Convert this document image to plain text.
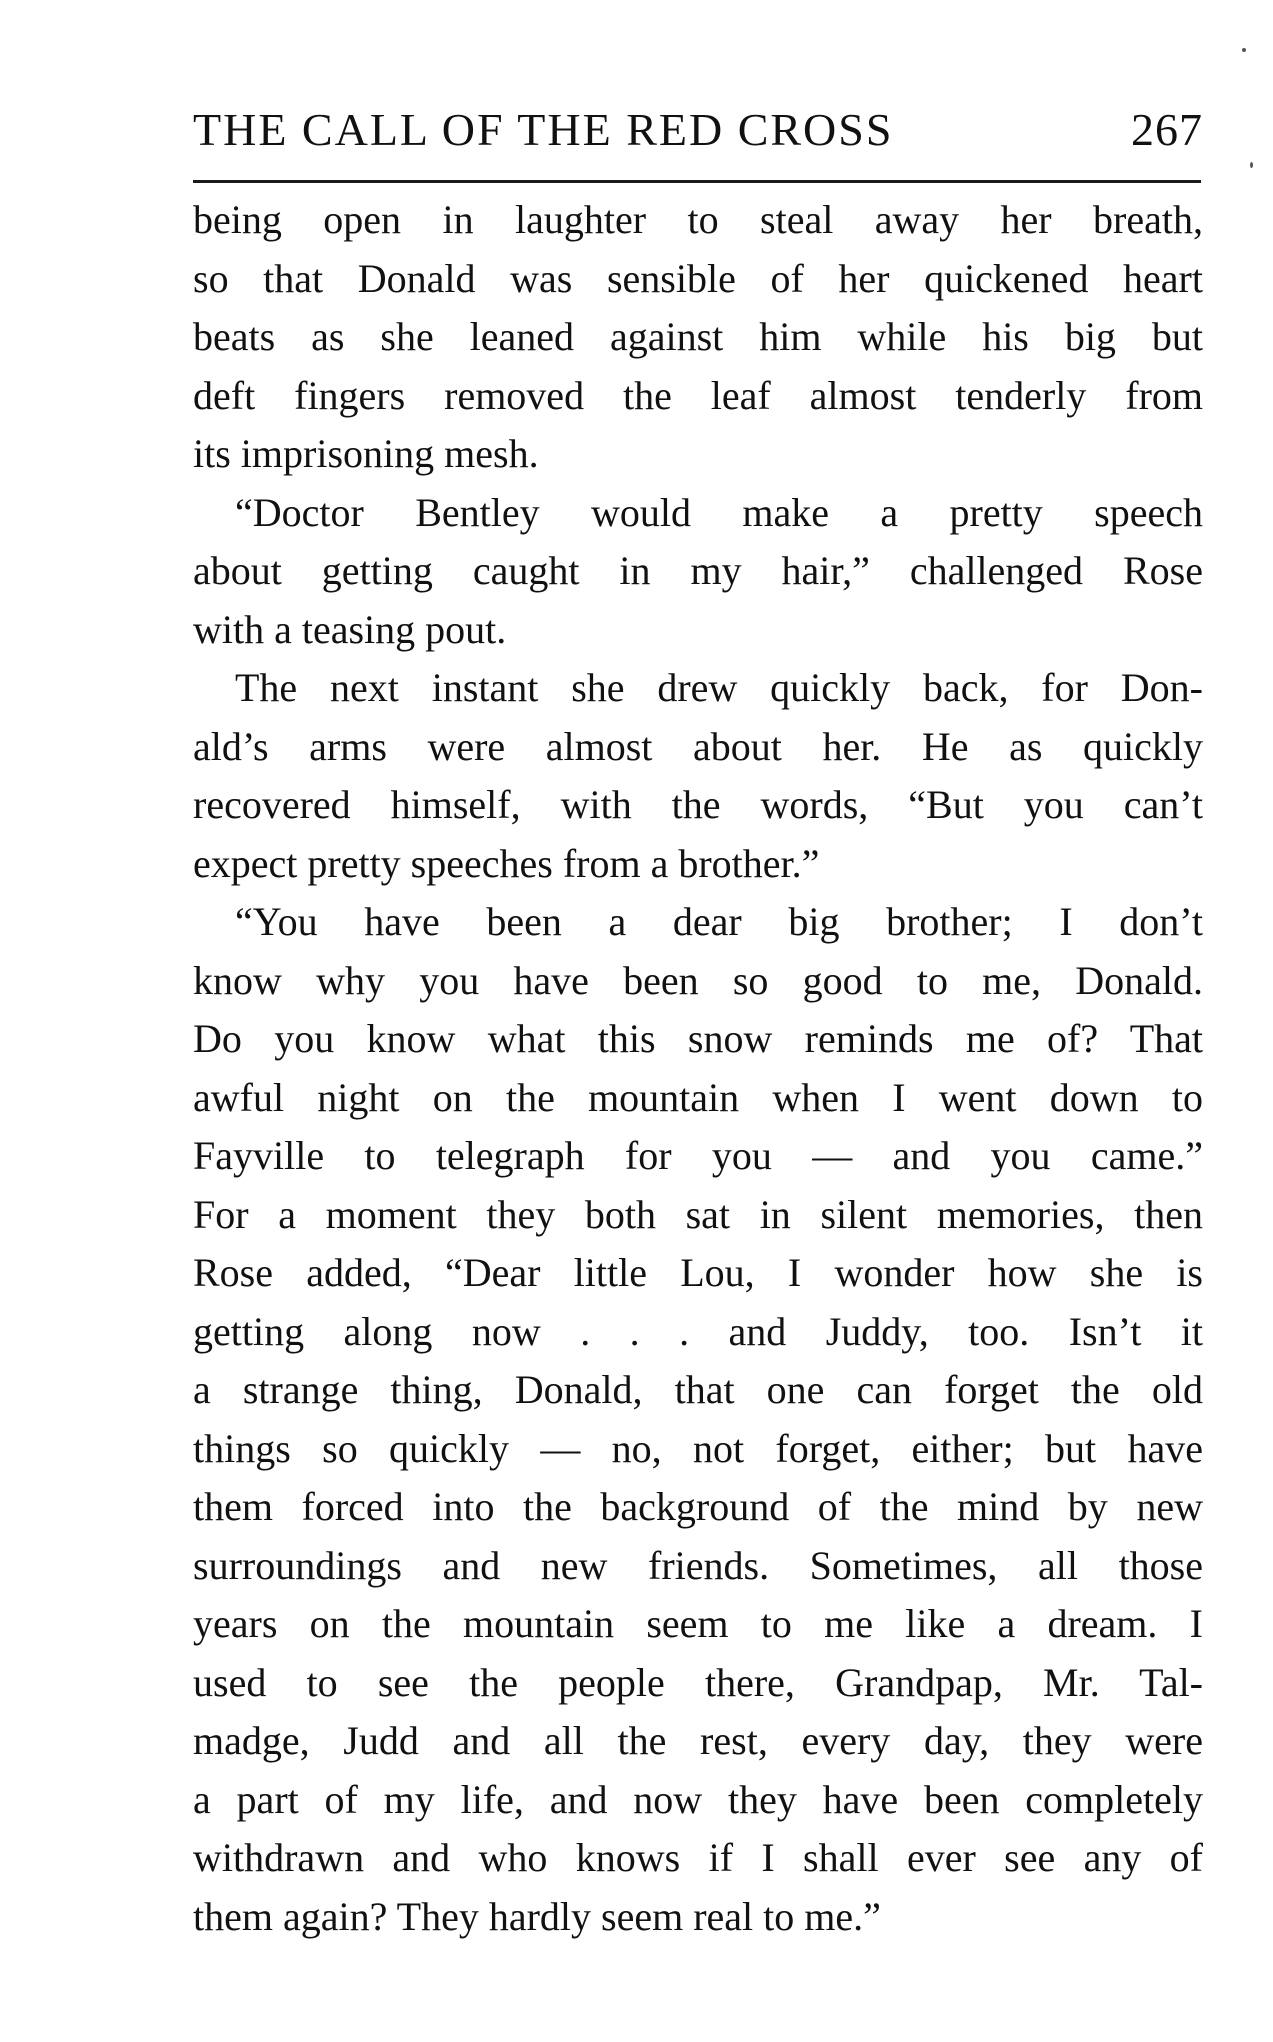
THE CALL OF THE RED CROSS	267
being open in laughter to steal away her breath,
so that Donald was sensible of her quickened heart
beats as she leaned against him while his big but
deft fingers removed the leaf almost tenderly from
its imprisoning mesh.
“Doctor Bentley would make a pretty speech
about getting caught in my hair,” challenged Rose
with a teasing pout.
The next instant she drew quickly back, for Don-
ald’s arms were almost about her. He as quickly
recovered himself, with the words, “But you can’t
expect pretty speeches from a brother.”
“You have been a dear big brother; I don’t
know why you have been so good to me, Donald.
Do you know what this snow reminds me of? That
awful night on the mountain when I went down to
Fayville to telegraph for you — and you came.”
For a moment they both sat in silent memories, then
Rose added, “Dear little Lou, I wonder how she is
getting along now . . . and Juddy, too. Isn’t it
a strange thing, Donald, that one can forget the old
things so quickly — no, not forget, either; but have
them forced into the background of the mind by new
surroundings and new friends. Sometimes, all those
years on the mountain seem to me like a dream. I
used to see the people there, Grandpap, Mr. Tal-
madge, Judd and all the rest, every day, they were
a part of my life, and now they have been completely
withdrawn and who knows if I shall ever see any of
them again? They hardly seem real to me.”
